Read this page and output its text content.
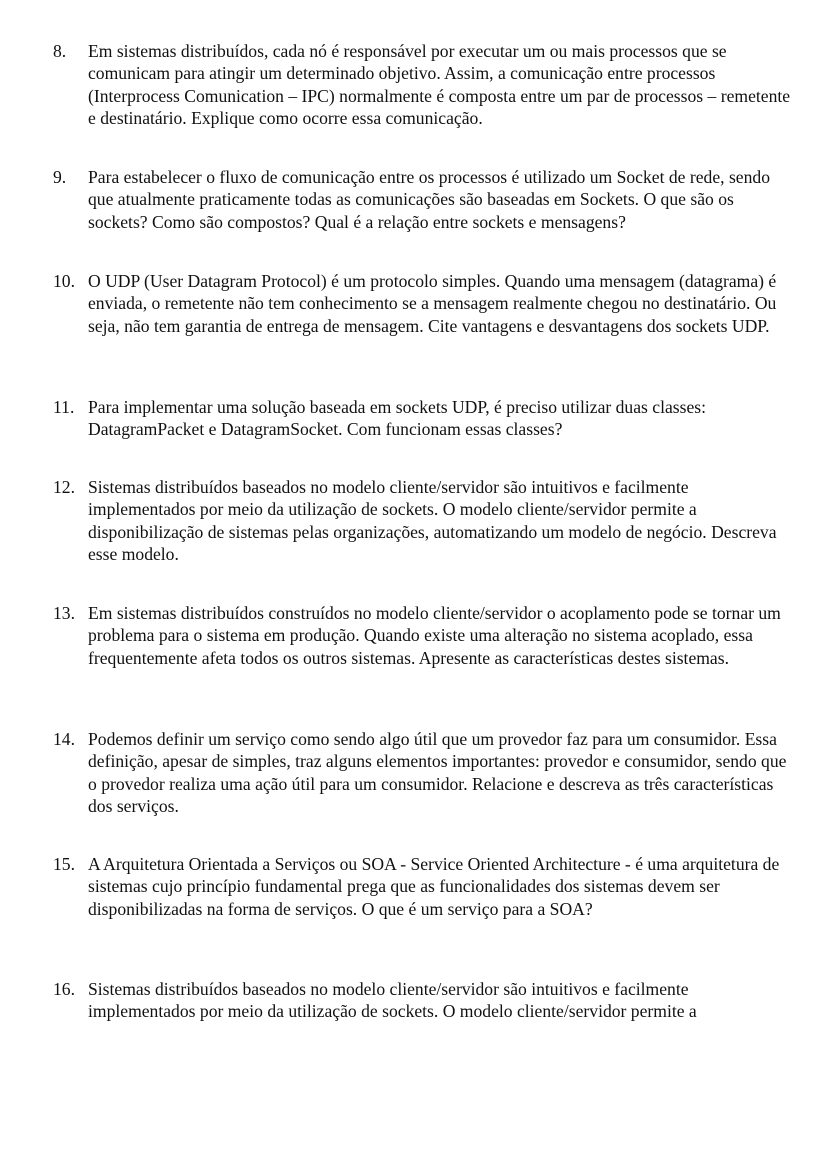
8.	Em sistemas distribuídos, cada nó é responsável por executar um ou mais processos que se comunicam para atingir um determinado objetivo. Assim, a comunicação entre processos (Interprocess Comunication – IPC) normalmente é composta entre um par de processos – remetente e destinatário. Explique como ocorre essa comunicação.
9.	Para estabelecer o fluxo de comunicação entre os processos é utilizado um Socket de rede, sendo que atualmente praticamente todas as comunicações são baseadas em Sockets. O que são os sockets? Como são compostos? Qual é a relação entre sockets e mensagens?
10. O UDP (User Datagram Protocol) é um protocolo simples. Quando uma mensagem (datagrama) é enviada, o remetente não tem conhecimento se a mensagem realmente chegou no destinatário. Ou seja, não tem garantia de entrega de mensagem. Cite vantagens e desvantagens dos sockets UDP.
11. Para implementar uma solução baseada em sockets UDP, é preciso utilizar duas classes: DatagramPacket e DatagramSocket. Com funcionam essas classes?
12. Sistemas distribuídos baseados no modelo cliente/servidor são intuitivos e facilmente implementados por meio da utilização de sockets. O modelo cliente/servidor permite a disponibilização de sistemas pelas organizações, automatizando um modelo de negócio. Descreva esse modelo.
13. Em sistemas distribuídos construídos no modelo cliente/servidor o acoplamento pode se tornar um problema para o sistema em produção. Quando existe uma alteração no sistema acoplado, essa frequentemente afeta todos os outros sistemas. Apresente as características destes sistemas.
14. Podemos definir um serviço como sendo algo útil que um provedor faz para um consumidor. Essa definição, apesar de simples, traz alguns elementos importantes: provedor e consumidor, sendo que o provedor realiza uma ação útil para um consumidor. Relacione e descreva as três características dos serviços.
15. A Arquitetura Orientada a Serviços ou SOA - Service Oriented Architecture - é uma arquitetura de sistemas cujo princípio fundamental prega que as funcionalidades dos sistemas devem ser disponibilizadas na forma de serviços. O que é um serviço para a SOA?
16. Sistemas distribuídos baseados no modelo cliente/servidor são intuitivos e facilmente implementados por meio da utilização de sockets. O modelo cliente/servidor permite a
